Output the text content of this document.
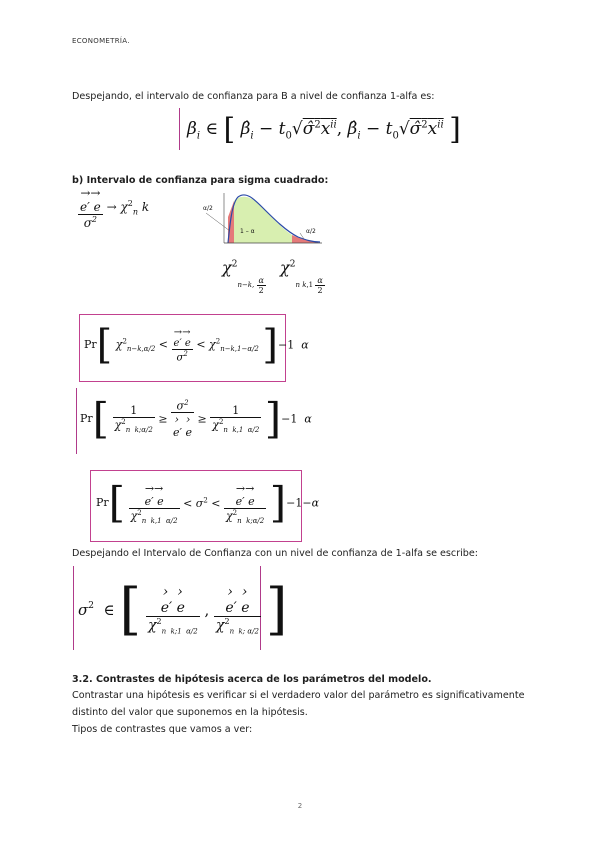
ECONOMETRÍA.
Despejando, el intervalo de confianza para B a nivel de confianza 1-alfa es:
$\beta_i$ ∈ [ $\betâ_i$ − $t_0√\sigmâ^2x^{ii}$, $\betâ_i$ − $t_0√\sigmâ^2x^{ii}$ ]
b) Intervalo de confianza para sigma cuadrado:
→→
e′ e
$\sigma^2$
→ $\chi^2_n$ k	α/2
α/2
1 – α
$\chi^2_{n-k, \frac{\alpha}{2}}$
$\chi^2_{n k,1 \frac{\alpha}{2}}$
Pr[ $\chi^2_{n-k,\alpha/2}$ <
→→
e′ e
$\sigma^2$
< $\chi^2_{n-k,1-\alpha/2}$ ]−1  α
$Pr[ \frac{1}{\chi^2_{n k;\alpha/2}}$ ≥
$\sigma^2$
›  ›
e′ e
≥ $\frac{1}{\chi^2_{n k,1 \alpha/2}} ]-1$  α
Pr[	→→
e′ e
$\chi^2_{n k,1 \alpha/2}$
< $\sigma^2$ <
→→
e′ e
$\chi^2_{n k;\alpha/2}$ ]−1−α
Despejando el Intervalo de Confianza con un nivel de confianza de 1-alfa se escribe:
$\sigma^2$  ∈ [	›  ›
e′ e
$\chi^2_{n k;1 \alpha/2}$
,
›  ›
e′ e
$\chi^2_{n k; \alpha/2}$ ]
3.2. Contrastes de hipótesis acerca de los parámetros del modelo.
Contrastar una hipótesis es verificar si el verdadero valor del parámetro es significativamente
distinto del valor que suponemos en la hipótesis.
Tipos de contrastes que vamos a ver:
2
